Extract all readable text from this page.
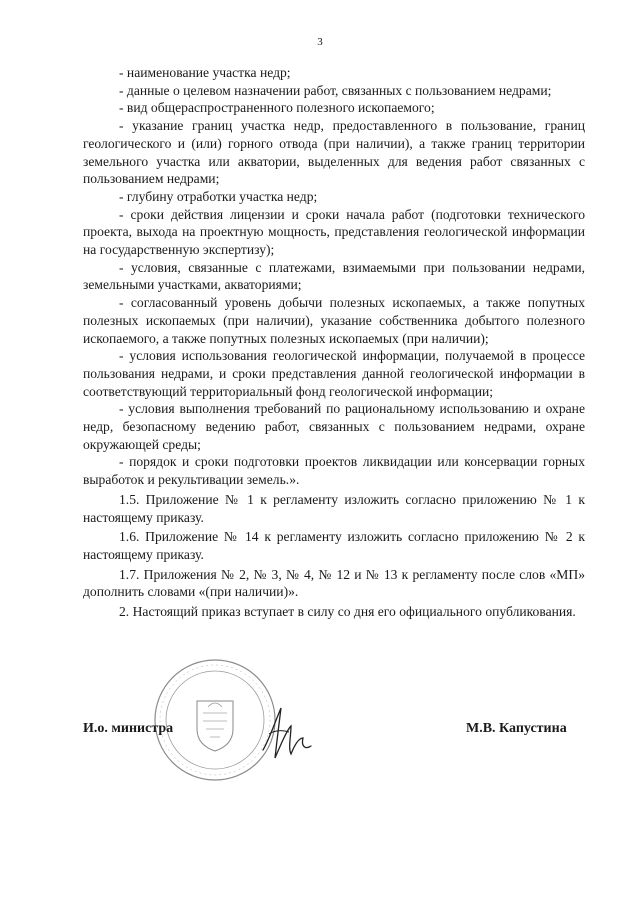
3

- наименование участка недр;

- данные о целевом назначении работ, связанных с пользованием недрами;

- вид общераспространенного полезного ископаемого;

- указание границ участка недр, предоставленного в пользование, границ геологического и (или) горного отвода (при наличии), а также границ территории земельного участка или акватории, выделенных для ведения работ связанных с пользованием недрами;

- глубину отработки участка недр;

- сроки действия лицензии и сроки начала работ (подготовки технического проекта, выхода на проектную мощность, представления геологической информации на государственную экспертизу);

- условия, связанные с платежами, взимаемыми при пользовании недрами, земельными участками, акваториями;

- согласованный уровень добычи полезных ископаемых, а также попутных полезных ископаемых (при наличии), указание собственника добытого полезного ископаемого, а также попутных полезных ископаемых (при наличии);

- условия использования геологической информации, получаемой в процессе пользования недрами, и сроки представления данной геологической информации в соответствующий территориальный фонд геологической информации;

- условия выполнения требований по рациональному использованию и охране недр, безопасному ведению работ, связанных с пользованием недрами, охране окружающей среды;

- порядок и сроки подготовки проектов ликвидации или консервации горных выработок и рекультивации земель.».

1.5. Приложение № 1 к регламенту изложить согласно приложению № 1 к настоящему приказу.

1.6. Приложение № 14 к регламенту изложить согласно приложению № 2 к настоящему приказу.

1.7. Приложения № 2, № 3, № 4, № 12 и № 13 к регламенту после слов «МП» дополнить словами «(при наличии)».

2. Настоящий приказ вступает в силу со дня его официального опубликования.

И.о. министра	М.В. Капустина
